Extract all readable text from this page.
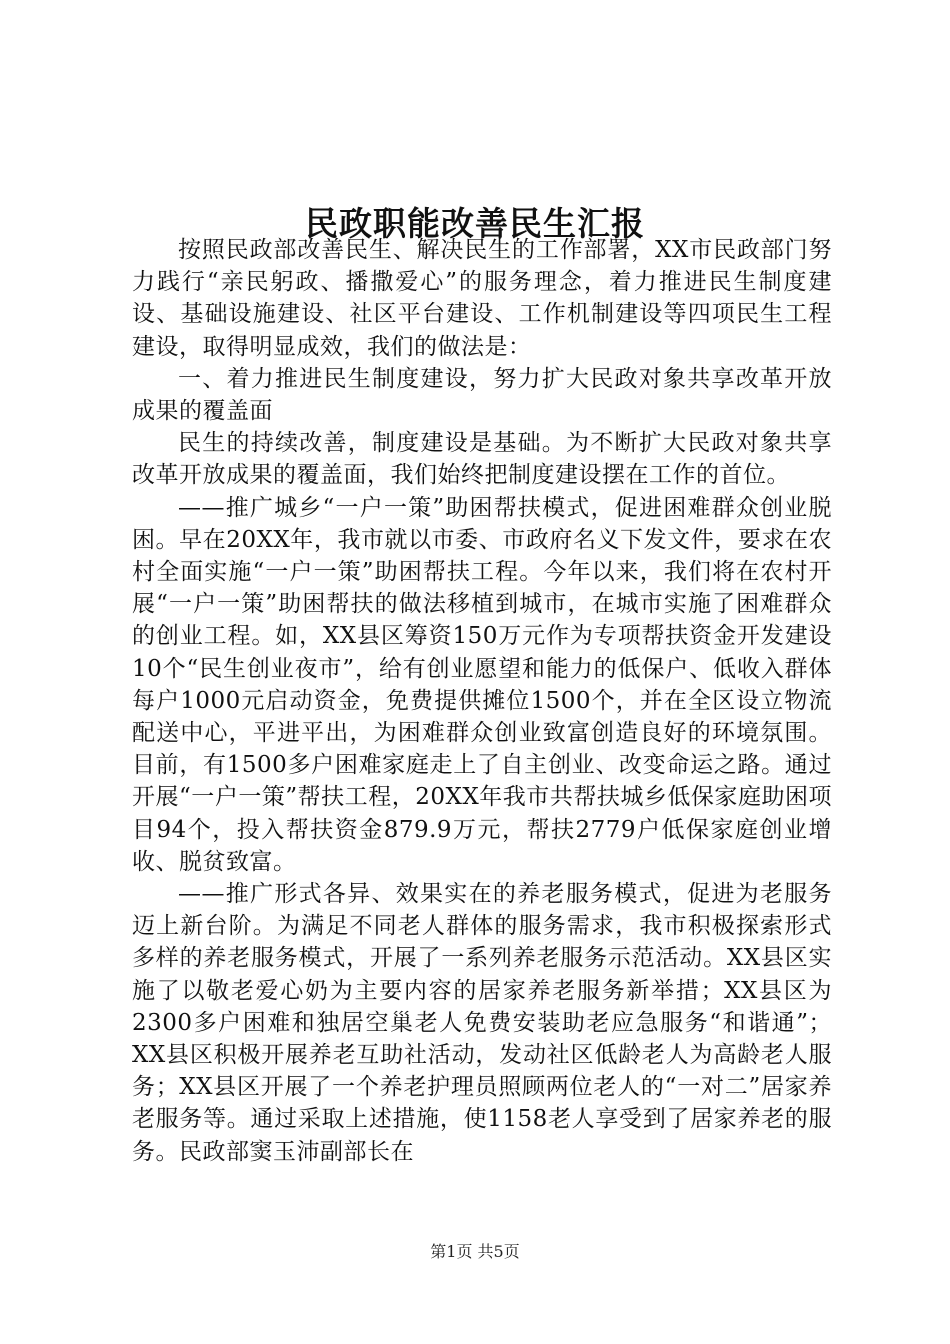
民政职能改善民生汇报

按照民政部改善民生、解决民生的工作部署，XX市民政部门努力践行“亲民躬政、播撒爱心”的服务理念，着力推进民生制度建设、基础设施建设、社区平台建设、工作机制建设等四项民生工程建设，取得明显成效，我们的做法是：

一、着力推进民生制度建设，努力扩大民政对象共享改革开放成果的覆盖面

民生的持续改善，制度建设是基础。为不断扩大民政对象共享改革开放成果的覆盖面，我们始终把制度建设摆在工作的首位。

——推广城乡“一户一策”助困帮扶模式，促进困难群众创业脱困。早在20XX年，我市就以市委、市政府名义下发文件，要求在农村全面实施“一户一策”助困帮扶工程。今年以来，我们将在农村开展“一户一策”助困帮扶的做法移植到城市，在城市实施了困难群众的创业工程。如，XX县区筹资150万元作为专项帮扶资金开发建设10个“民生创业夜市”，给有创业愿望和能力的低保户、低收入群体每户1000元启动资金，免费提供摊位1500个，并在全区设立物流配送中心，平进平出，为困难群众创业致富创造良好的环境氛围。目前，有1500多户困难家庭走上了自主创业、改变命运之路。通过开展“一户一策”帮扶工程，20XX年我市共帮扶城乡低保家庭助困项目94个，投入帮扶资金879.9万元，帮扶2779户低保家庭创业增收、脱贫致富。

——推广形式各异、效果实在的养老服务模式，促进为老服务迈上新台阶。为满足不同老人群体的服务需求，我市积极探索形式多样的养老服务模式，开展了一系列养老服务示范活动。XX县区实施了以敬老爱心奶为主要内容的居家养老服务新举措；XX县区为2300多户困难和独居空巢老人免费安装助老应急服务“和谐通”；XX县区积极开展养老互助社活动，发动社区低龄老人为高龄老人服务；XX县区开展了一个养老护理员照顾两位老人的“一对二”居家养老服务等。通过采取上述措施，使1158老人享受到了居家养老的服务。民政部窦玉沛副部长在

第1页 共5页
